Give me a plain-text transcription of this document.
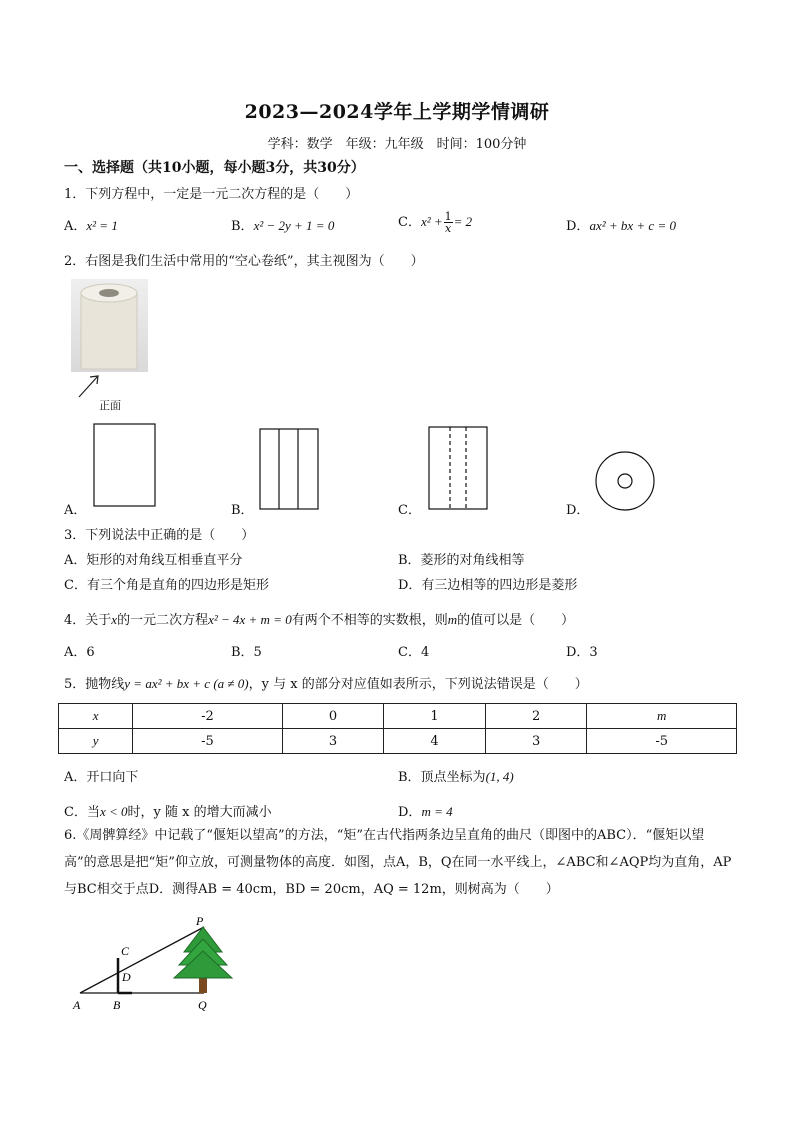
2023—2024学年上学期学情调研
学科：数学　年级：九年级　时间：100分钟
一、选择题（共10小题，每小题3分，共30分）
1．下列方程中，一定是一元二次方程的是（　　）
A．x² = 1	B．x² − 2y + 1 = 0	C．$x^2 + \frac{1}{x} = 2$	D．ax² + bx + c = 0
2．右图是我们生活中常用的“空心卷纸”，其主视图为（　　）
正面
A．	B．	C．	D．
3．下列说法中正确的是（　　）
A．矩形的对角线互相垂直平分	B．菱形的对角线相等
C．有三个角是直角的四边形是矩形	D．有三边相等的四边形是菱形
4．关于x的一元二次方程x² − 4x + m = 0有两个不相等的实数根，则m的值可以是（　　）
A．6	B．5	C．4	D．3
5．抛物线y = ax² + bx + c (a ≠ 0)，y 与 x 的部分对应值如表所示，下列说法错误是（　　）
x	-2	0	1	2	m
y	-5	3	4	3	-5
A．开口向下	B．顶点坐标为(1, 4)
C．当x < 0时，y 随 x 的增大而减小	D．m = 4
6.《周髀算经》中记载了“偃矩以望高”的方法，“矩”在古代指两条边呈直角的曲尺（即图中的ABC）．“偃矩以望高”的意思是把“矩”仰立放，可测量物体的高度．如图，点A，B，Q在同一水平线上，∠ABC和∠AQP均为直角，AP与BC相交于点D．测得AB = 40cm，BD = 20cm，AQ = 12m，则树高为（　　）
A	B
C
D
P
Q
